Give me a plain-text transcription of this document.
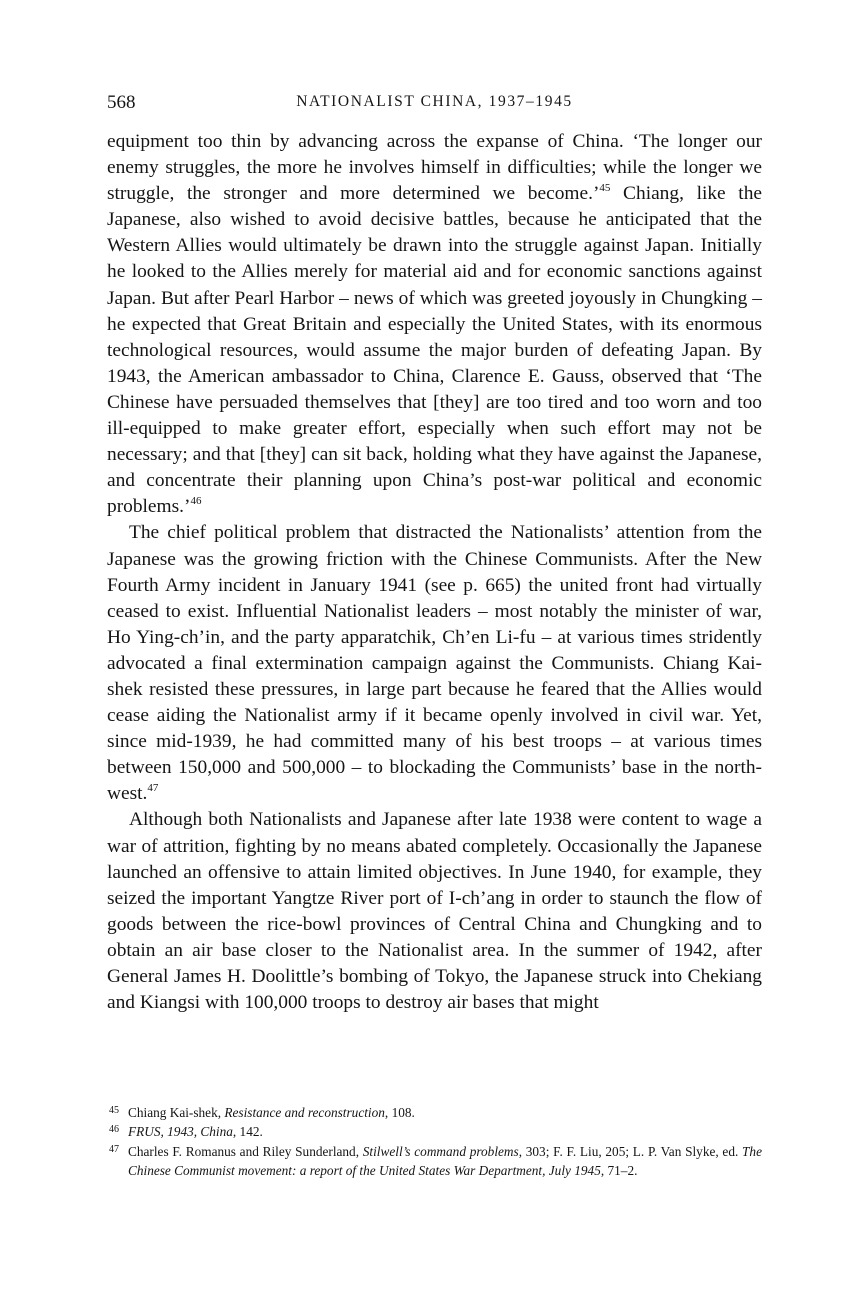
568	NATIONALIST CHINA, 1937–1945

equipment too thin by advancing across the expanse of China. ‘The longer our enemy struggles, the more he involves himself in difficulties; while the longer we struggle, the stronger and more determined we become.’$^{45}$ Chiang, like the Japanese, also wished to avoid decisive battles, because he anticipated that the Western Allies would ultimately be drawn into the struggle against Japan. Initially he looked to the Allies merely for material aid and for economic sanctions against Japan. But after Pearl Harbor – news of which was greeted joyously in Chungking – he expected that Great Britain and especially the United States, with its enormous technological resources, would assume the major burden of defeating Japan. By 1943, the American ambassador to China, Clarence E. Gauss, observed that ‘The Chinese have persuaded themselves that [they] are too tired and too worn and too ill-equipped to make greater effort, especially when such effort may not be necessary; and that [they] can sit back, holding what they have against the Japanese, and concentrate their planning upon China’s post-war political and economic problems.’$^{46}$

The chief political problem that distracted the Nationalists’ attention from the Japanese was the growing friction with the Chinese Communists. After the New Fourth Army incident in January 1941 (see p. 665) the united front had virtually ceased to exist. Influential Nationalist leaders – most notably the minister of war, Ho Ying-ch’in, and the party apparatchik, Ch’en Li-fu – at various times stridently advocated a final extermination campaign against the Communists. Chiang Kai-shek resisted these pressures, in large part because he feared that the Allies would cease aiding the Nationalist army if it became openly involved in civil war. Yet, since mid-1939, he had committed many of his best troops – at various times between 150,000 and 500,000 – to blockading the Communists’ base in the north-west.$^{47}$

Although both Nationalists and Japanese after late 1938 were content to wage a war of attrition, fighting by no means abated completely. Occasionally the Japanese launched an offensive to attain limited objectives. In June 1940, for example, they seized the important Yangtze River port of I-ch’ang in order to staunch the flow of goods between the rice-bowl provinces of Central China and Chungking and to obtain an air base closer to the Nationalist area. In the summer of 1942, after General James H. Doolittle’s bombing of Tokyo, the Japanese struck into Chekiang and Kiangsi with 100,000 troops to destroy air bases that might

45 Chiang Kai-shek, Resistance and reconstruction, 108.
46 FRUS, 1943, China, 142.
47 Charles F. Romanus and Riley Sunderland, Stilwell’s command problems, 303; F. F. Liu, 205; L. P. Van Slyke, ed. The Chinese Communist movement: a report of the United States War Department, July 1945, 71–2.
